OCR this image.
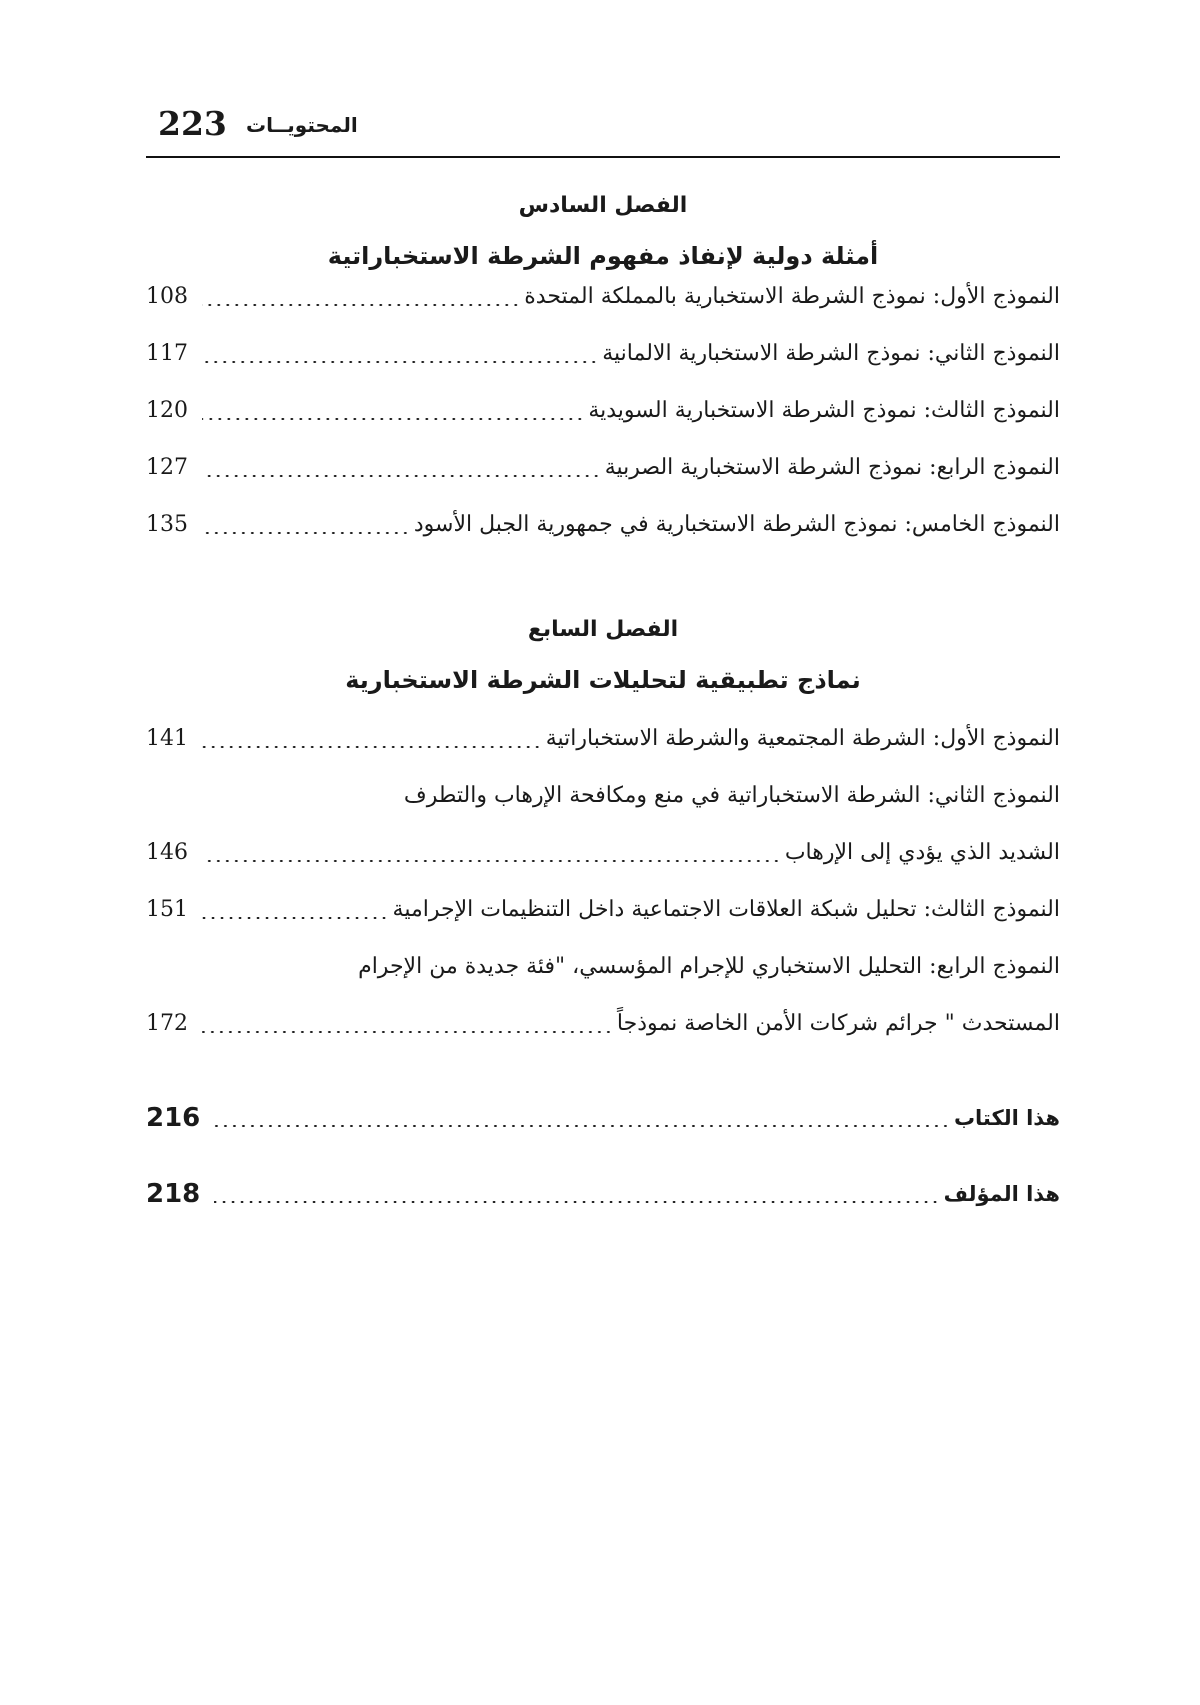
223 المحتويــات
الفصل السادس
أمثلة دولية لإنفاذ مفهوم الشرطة الاستخباراتية
النموذج الأول: نموذج الشرطة الاستخبارية بالمملكة المتحدة
108
النموذج الثاني: نموذج الشرطة الاستخبارية الالمانية
117
النموذج الثالث: نموذج الشرطة الاستخبارية السويدية
120
النموذج الرابع: نموذج الشرطة الاستخبارية الصربية
127
النموذج الخامس: نموذج الشرطة الاستخبارية في جمهورية الجبل الأسود
135
الفصل السابع
نماذج تطبيقية لتحليلات الشرطة الاستخبارية
النموذج الأول: الشرطة المجتمعية والشرطة الاستخباراتية
141
النموذج الثاني: الشرطة الاستخباراتية في منع ومكافحة الإرهاب والتطرف
الشديد الذي يؤدي إلى الإرهاب
146
النموذج الثالث: تحليل شبكة العلاقات الاجتماعية داخل التنظيمات الإجرامية
151
النموذج الرابع: التحليل الاستخباري للإجرام المؤسسي، "فئة جديدة من الإجرام
المستحدث " جرائم شركات الأمن الخاصة نموذجاً
172
هذا الكتاب
216
هذا المؤلف
218
